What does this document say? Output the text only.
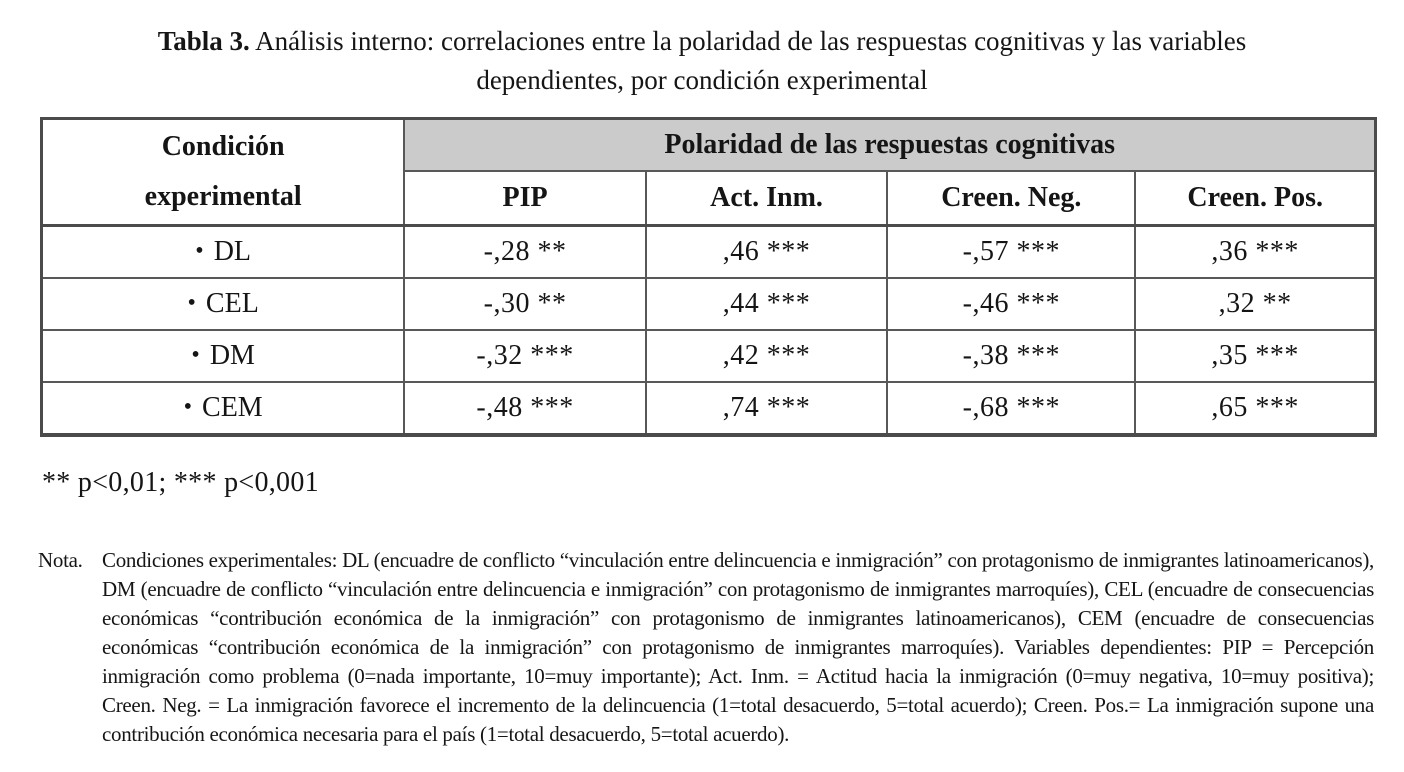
Tabla 3. Análisis interno: correlaciones entre la polaridad de las respuestas cognitivas y las variables dependientes, por condición experimental
Condición experimental	Polaridad de las respuestas cognitivas			
	PIP	Act. Inm.	Creen. Neg.	Creen. Pos.
• DL	-,28 **	,46 ***	-,57 ***	,36 ***
• CEL	-,30 **	,44 ***	-,46 ***	,32 **
• DM	-,32 ***	,42 ***	-,38 ***	,35 ***
• CEM	-,48 ***	,74 ***	-,68 ***	,65 ***
** p<0,01; *** p<0,001
Nota. Condiciones experimentales: DL (encuadre de conflicto “vinculación entre delincuencia e inmigración” con protagonismo de inmigrantes latinoamericanos), DM (encuadre de conflicto “vinculación entre delincuencia e inmigración” con protagonismo de inmigrantes marroquíes), CEL (encuadre de consecuencias económicas “contribución económica de la inmigración” con protagonismo de inmigrantes latinoamericanos), CEM (encuadre de consecuencias económicas “contribución económica de la inmigración” con protagonismo de inmigrantes marroquíes). Variables dependientes: PIP = Percepción inmigración como problema (0=nada importante, 10=muy importante); Act. Inm. = Actitud hacia la inmigración (0=muy negativa, 10=muy positiva); Creen. Neg. = La inmigración favorece el incremento de la delincuencia (1=total desacuerdo, 5=total acuerdo); Creen. Pos.= La inmigración supone una contribución económica necesaria para el país (1=total desacuerdo, 5=total acuerdo).
